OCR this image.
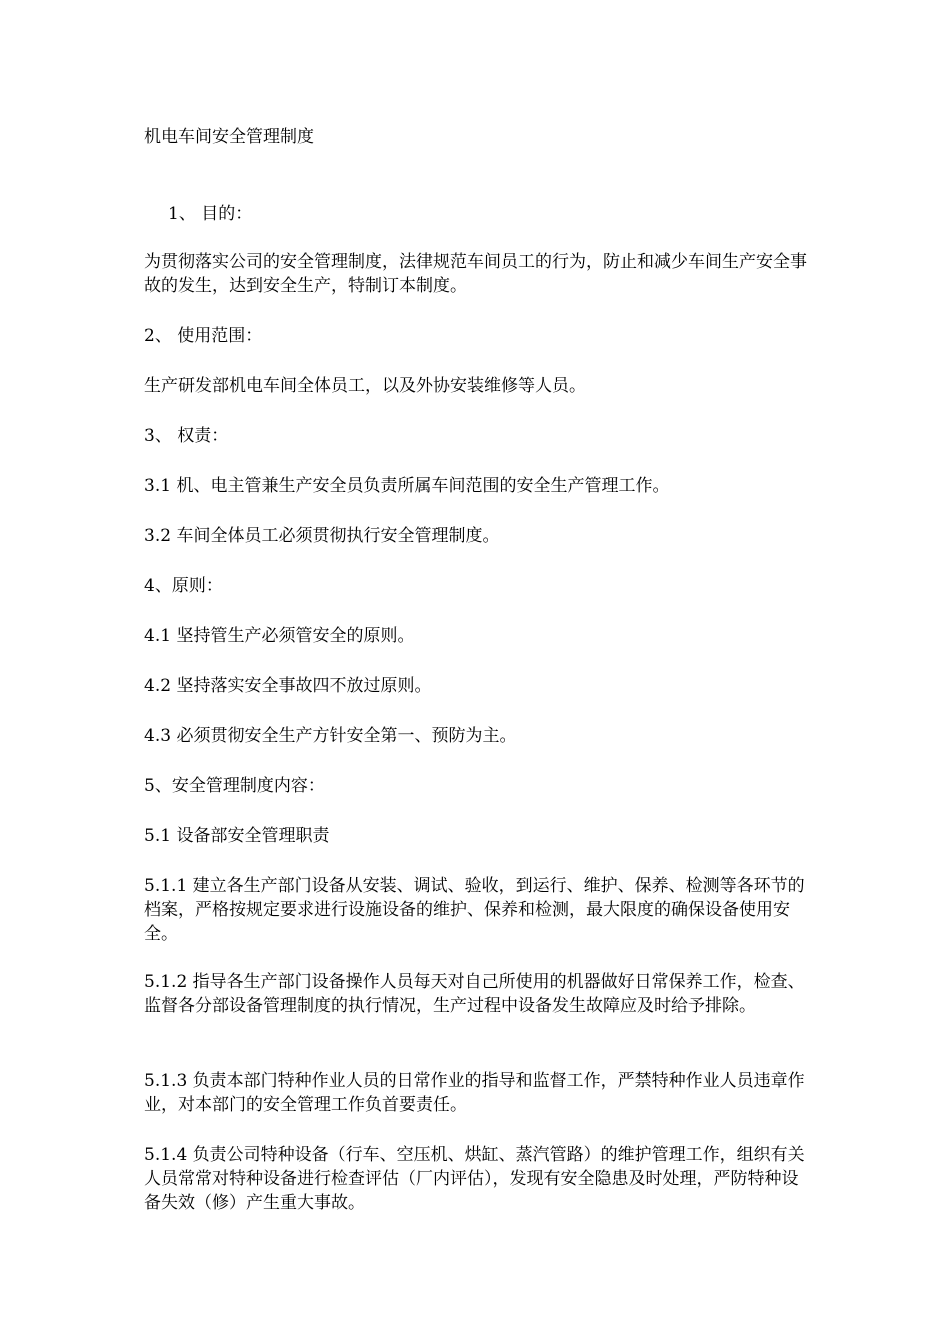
机电车间安全管理制度

1、 目的：

为贯彻落实公司的安全管理制度，法律规范车间员工的行为，防止和减少车间生产安全事故的发生，达到安全生产，特制订本制度。

2、 使用范围：

生产研发部机电车间全体员工，以及外协安装维修等人员。

3、 权责：

3.1 机、电主管兼生产安全员负责所属车间范围的安全生产管理工作。

3.2 车间全体员工必须贯彻执行安全管理制度。

4、原则：

4.1 坚持管生产必须管安全的原则。

4.2 坚持落实安全事故四不放过原则。

4.3 必须贯彻安全生产方针安全第一、预防为主。

5、安全管理制度内容：

5.1 设备部安全管理职责

5.1.1 建立各生产部门设备从安装、调试、验收，到运行、维护、保养、检测等各环节的档案，严格按规定要求进行设施设备的维护、保养和检测，最大限度的确保设备使用安全。

5.1.2 指导各生产部门设备操作人员每天对自己所使用的机器做好日常保养工作，检查、监督各分部设备管理制度的执行情况，生产过程中设备发生故障应及时给予排除。

5.1.3 负责本部门特种作业人员的日常作业的指导和监督工作，严禁特种作业人员违章作业，对本部门的安全管理工作负首要责任。

5.1.4 负责公司特种设备（行车、空压机、烘缸、蒸汽管路）的维护管理工作，组织有关人员常常对特种设备进行检查评估（厂内评估），发现有安全隐患及时处理，严防特种设备失效（修）产生重大事故。
